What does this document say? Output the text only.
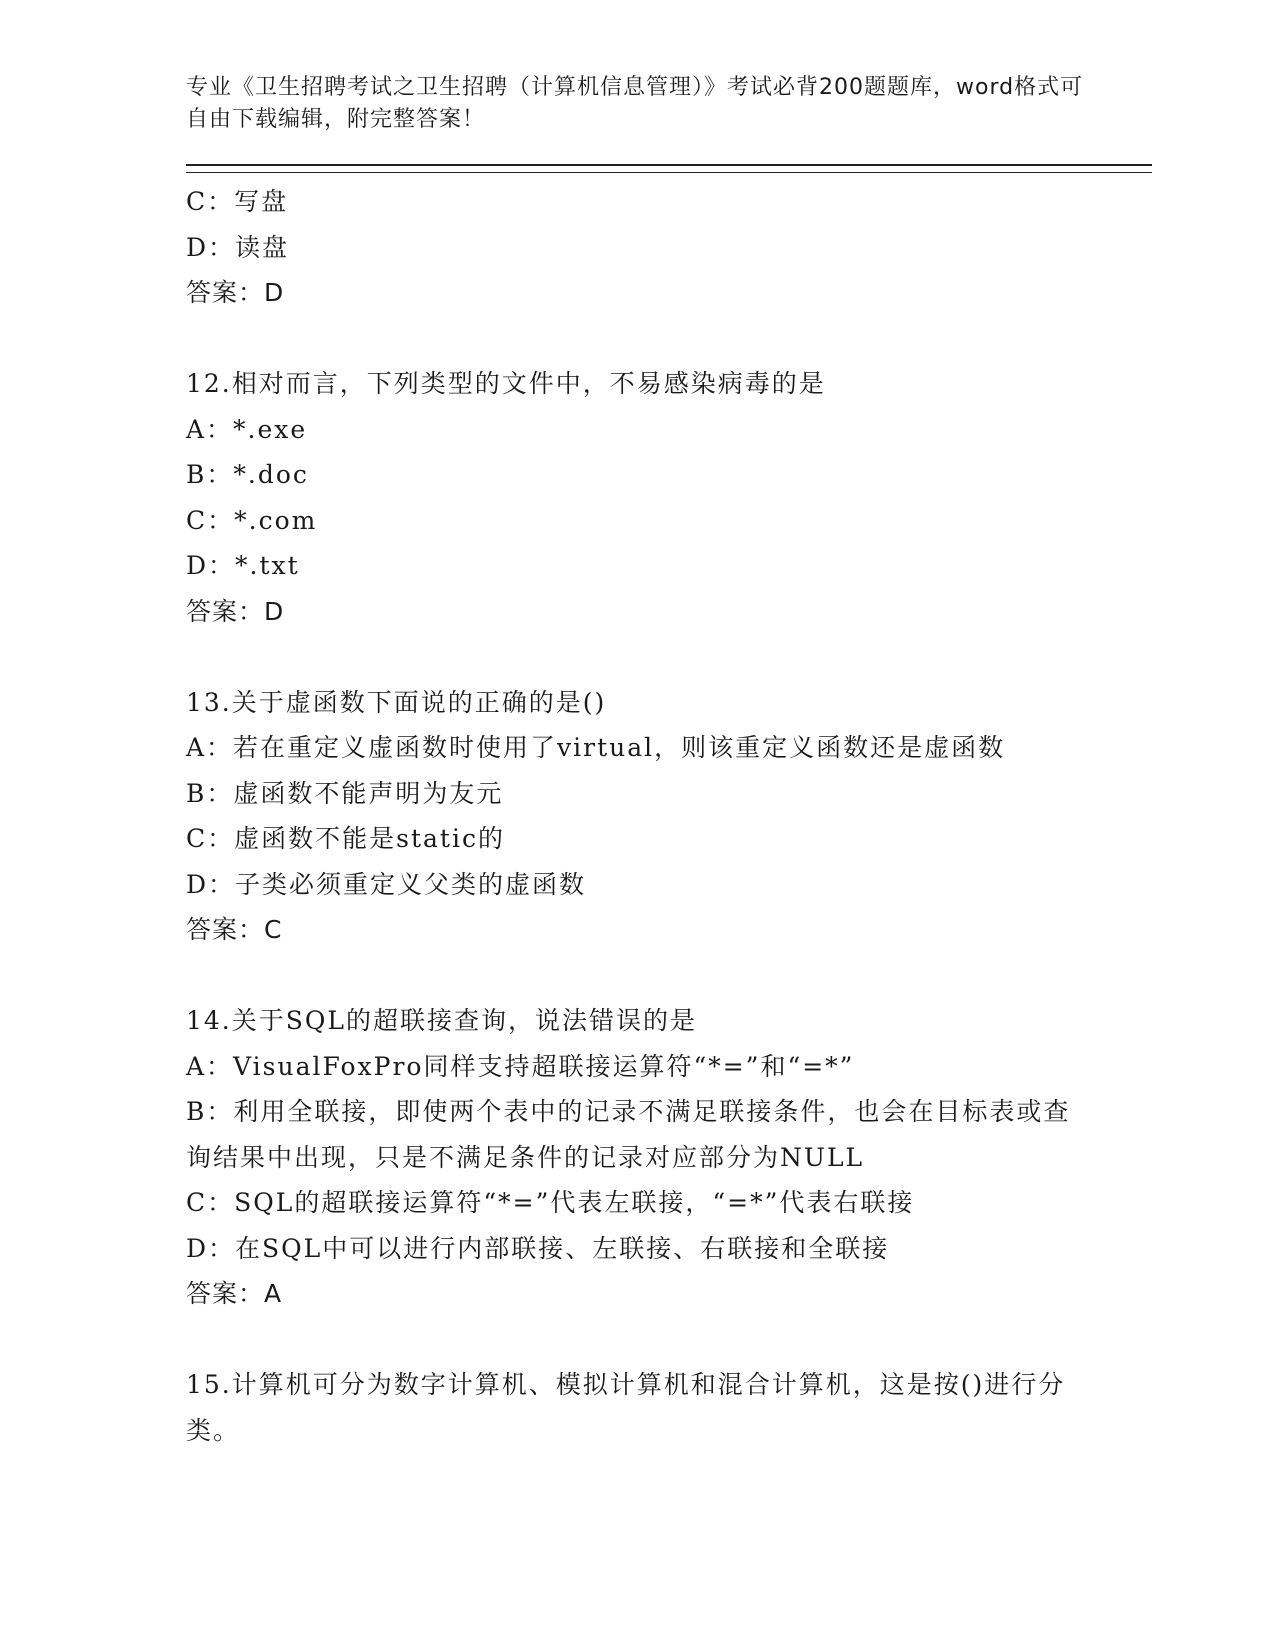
专业《卫生招聘考试之卫生招聘（计算机信息管理）》考试必背200题题库，word格式可自由下载编辑，附完整答案！

C：写盘

D：读盘

答案：D

12.相对而言，下列类型的文件中，不易感染病毒的是

A：*.exe

B：*.doc

C：*.com

D：*.txt

答案：D

13.关于虚函数下面说的正确的是()

A：若在重定义虚函数时使用了virtual，则该重定义函数还是虚函数

B：虚函数不能声明为友元

C：虚函数不能是static的

D：子类必须重定义父类的虚函数

答案：C

14.关于SQL的超联接查询，说法错误的是

A：VisualFoxPro同样支持超联接运算符“*=”和“=*”

B：利用全联接，即使两个表中的记录不满足联接条件，也会在目标表或查询结果中出现，只是不满足条件的记录对应部分为NULL

C：SQL的超联接运算符“*=”代表左联接，“=*”代表右联接

D：在SQL中可以进行内部联接、左联接、右联接和全联接

答案：A

15.计算机可分为数字计算机、模拟计算机和混合计算机，这是按()进行分类。
